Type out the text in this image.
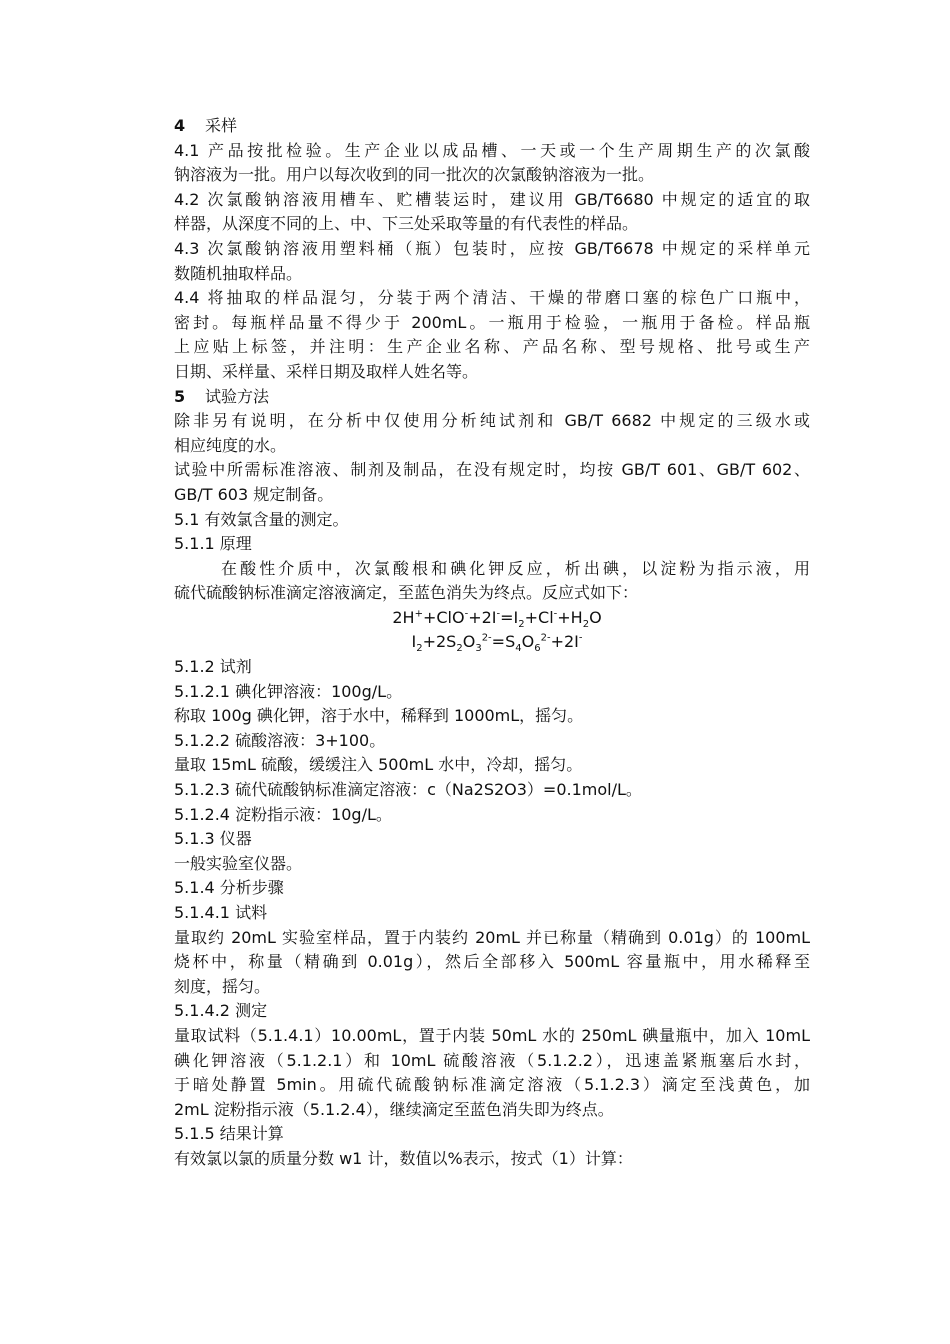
4 采样

4.1 产品按批检验。生产企业以成品槽、一天或一个生产周期生产的次氯酸

钠溶液为一批。用户以每次收到的同一批次的次氯酸钠溶液为一批。

4.2 次氯酸钠溶液用槽车、贮槽装运时，建议用 GB/T6680 中规定的适宜的取

样器，从深度不同的上、中、下三处采取等量的有代表性的样品。

4.3 次氯酸钠溶液用塑料桶（瓶）包装时，应按 GB/T6678 中规定的采样单元

数随机抽取样品。

4.4 将抽取的样品混匀，分装于两个清洁、干燥的带磨口塞的棕色广口瓶中，

密封。每瓶样品量不得少于 200mL。一瓶用于检验，一瓶用于备检。样品瓶

上应贴上标签，并注明：生产企业名称、产品名称、型号规格、批号或生产

日期、采样量、采样日期及取样人姓名等。

5 试验方法

除非另有说明，在分析中仅使用分析纯试剂和 GB/T 6682 中规定的三级水或

相应纯度的水。

试验中所需标准溶液、制剂及制品，在没有规定时，均按 GB/T 601、GB/T 602、

GB/T 603 规定制备。

5.1 有效氯含量的测定。

5.1.1 原理

在酸性介质中，次氯酸根和碘化钾反应，析出碘，以淀粉为指示液，用

硫代硫酸钠标准滴定溶液滴定，至蓝色消失为终点。反应式如下：

$2H^++ClO^-+2I^-=I_2+Cl^-+H_2O$

$I_2+2S_2O_3^{2-}=S_4O_6^{2-}+2I^-$

5.1.2 试剂

5.1.2.1 碘化钾溶液：100g/L。

称取 100g 碘化钾，溶于水中，稀释到 1000mL，摇匀。

5.1.2.2 硫酸溶液：3+100。

量取 15mL 硫酸，缓缓注入 500mL 水中，冷却，摇匀。

5.1.2.3 硫代硫酸钠标准滴定溶液：c（Na2S2O3）=0.1mol/L。

5.1.2.4 淀粉指示液：10g/L。

5.1.3 仪器

一般实验室仪器。

5.1.4 分析步骤

5.1.4.1 试料

量取约 20mL 实验室样品，置于内装约 20mL 并已称量（精确到 0.01g）的 100mL

烧杯中，称量（精确到 0.01g），然后全部移入 500mL 容量瓶中，用水稀释至

刻度，摇匀。

5.1.4.2 测定

量取试料（5.1.4.1）10.00mL，置于内装 50mL 水的 250mL 碘量瓶中，加入 10mL

碘化钾溶液（5.1.2.1）和 10mL 硫酸溶液（5.1.2.2），迅速盖紧瓶塞后水封，

于暗处静置 5min。用硫代硫酸钠标准滴定溶液（5.1.2.3）滴定至浅黄色，加

2mL 淀粉指示液（5.1.2.4），继续滴定至蓝色消失即为终点。

5.1.5 结果计算

有效氯以氯的质量分数 w1 计，数值以%表示，按式（1）计算：
